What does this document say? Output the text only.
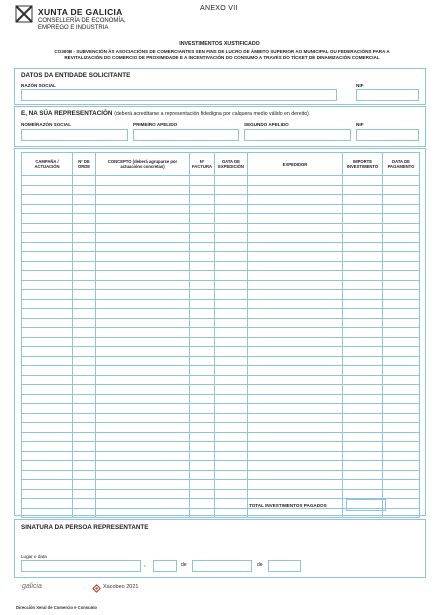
XUNTA DE GALICIA
CONSELLERÍA DE ECONOMÍA,
EMPREGO E INDUSTRIA
ANEXO VII
INVESTIMENTOS XUSTIFICADO
CO300B - SUBVENCIÓN ÁS ASOCIACIÓNS DE COMERCIANTES SEN FINS DE LUCRO DE ÁMBITO SUPERIOR AO MUNICIPAL OU FEDERACIÓNS PARA A
REVITALIZACIÓN DO COMERCIO DE PROXIMIDADE E A INCENTIVACIÓN DO CONSUMO A TRAVÉS DO TÍCKET DE DINAMIZACIÓN COMERCIAL
DATOS DA ENTIDADE SOLICITANTE
RAZÓN SOCIAL	NIF
E, NA SÚA REPRESENTACIÓN (deberá acreditarse a representación fidedigna por calquera medio válido en dereito)
NOME/RAZÓN SOCIAL	PRIMEIRO APELIDO	SEGUNDO APELIDO	NIF
CAMPAÑA / ACTUACIÓN	Nº DE ORDE	CONCEPTO (deberá agruparse por actuacións concretas)	Nº FACTURA	DATA DE EXPEDICIÓN	EXPEDIDOR	IMPORTE INVESTIMENTO	DATA DE PAGAMENTO

TOTAL INVESTIMENTOS PAGADOS
SINATURA DA PERSOA REPRESENTANTE
Lugar e data
,	de	de
galicia	Xacobeo 2021
Dirección Xeral de Comercio e Consumo
